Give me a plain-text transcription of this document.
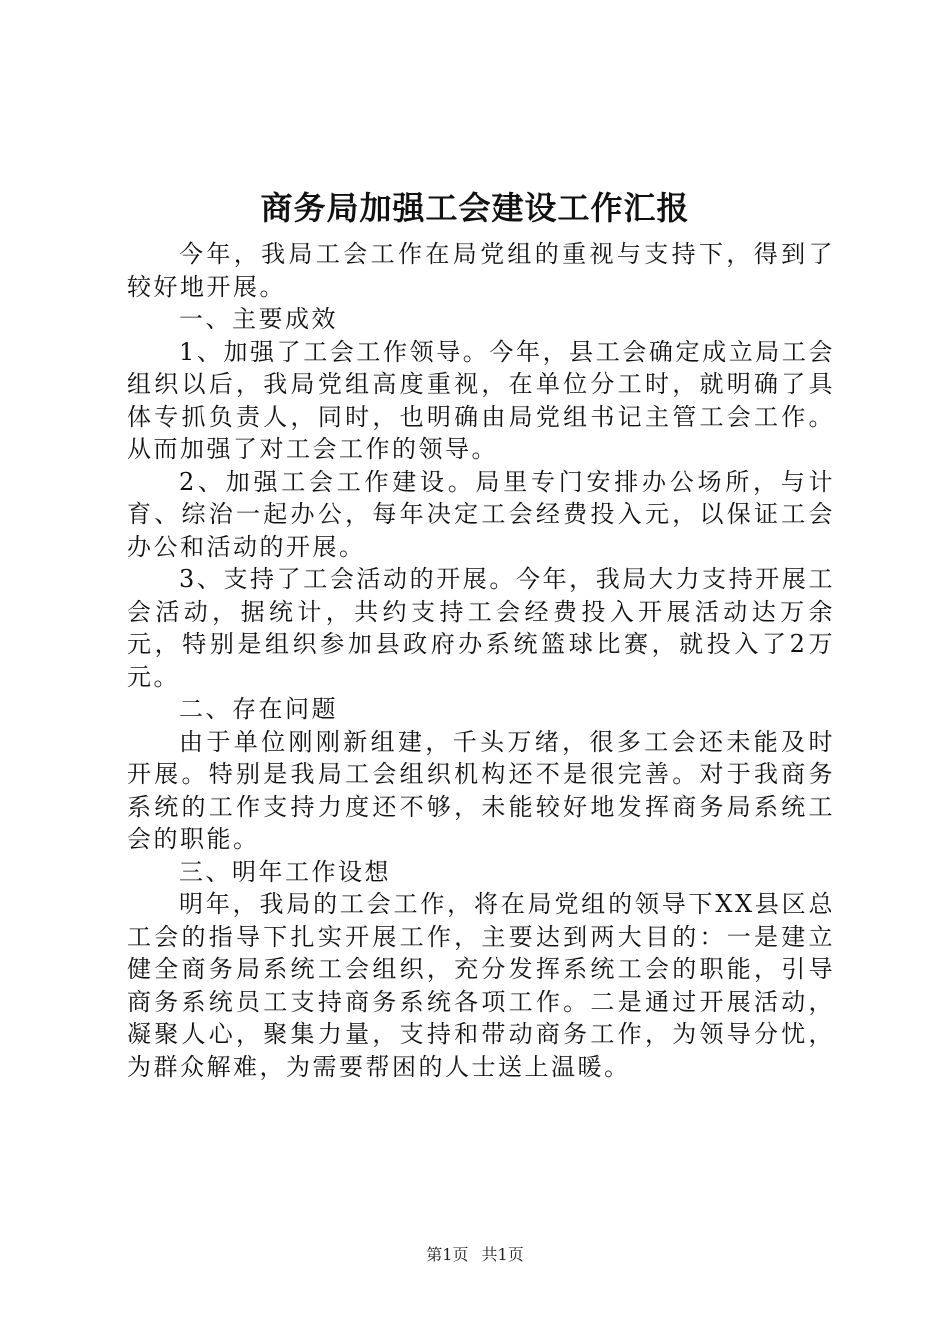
商务局加强工会建设工作汇报

今年，我局工会工作在局党组的重视与支持下，得到了较好地开展。

一、主要成效

1、加强了工会工作领导。今年，县工会确定成立局工会组织以后，我局党组高度重视，在单位分工时，就明确了具体专抓负责人，同时，也明确由局党组书记主管工会工作。从而加强了对工会工作的领导。

2、加强工会工作建设。局里专门安排办公场所，与计育、综治一起办公，每年决定工会经费投入元，以保证工会办公和活动的开展。

3、支持了工会活动的开展。今年，我局大力支持开展工会活动，据统计，共约支持工会经费投入开展活动达万余元，特别是组织参加县政府办系统篮球比赛，就投入了2万元。

二、存在问题

由于单位刚刚新组建，千头万绪，很多工会还未能及时开展。特别是我局工会组织机构还不是很完善。对于我商务系统的工作支持力度还不够，未能较好地发挥商务局系统工会的职能。

三、明年工作设想

明年，我局的工会工作，将在局党组的领导下XX县区总工会的指导下扎实开展工作，主要达到两大目的：一是建立健全商务局系统工会组织，充分发挥系统工会的职能，引导商务系统员工支持商务系统各项工作。二是通过开展活动，凝聚人心，聚集力量，支持和带动商务工作，为领导分忧，为群众解难，为需要帮困的人士送上温暖。

第1页 共1页
